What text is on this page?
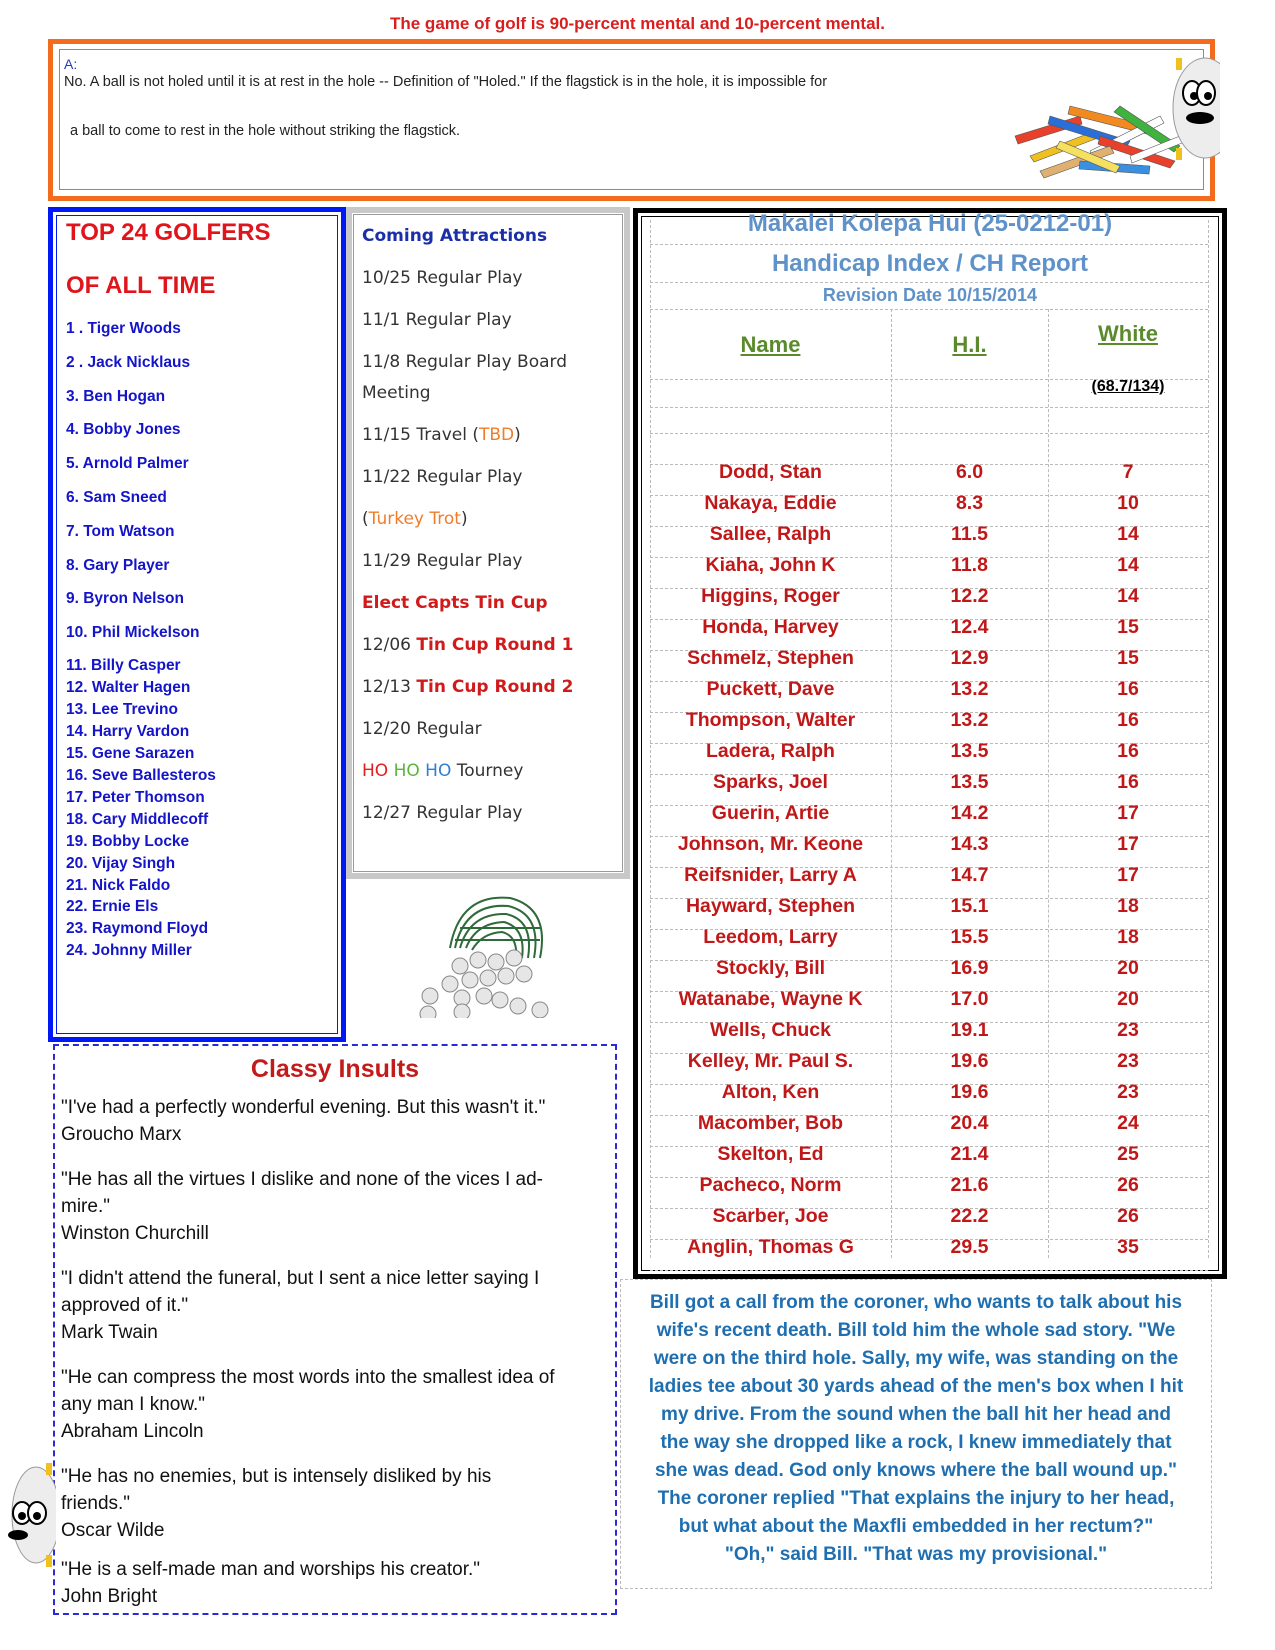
The game of golf is 90-percent mental and 10-percent mental.
A:
No. A ball is not holed until it is at rest in the hole -- Definition of "Holed." If the flagstick is in the hole, it is impossible for
a ball to come to rest in the hole without striking the flagstick.
TOP 24 GOLFERS
OF ALL TIME
1 . Tiger Woods
2 . Jack Nicklaus
3. Ben Hogan
4. Bobby Jones
5. Arnold Palmer
6. Sam Sneed
7. Tom Watson
8. Gary Player
9. Byron Nelson
10. Phil Mickelson
11. Billy Casper
12. Walter Hagen
13. Lee Trevino
14. Harry Vardon
15. Gene Sarazen
16. Seve Ballesteros
17. Peter Thomson
18. Cary Middlecoff
19. Bobby Locke
20. Vijay Singh
21. Nick Faldo
22. Ernie Els
23. Raymond Floyd
24. Johnny Miller
Coming Attractions
10/25 Regular Play
11/1 Regular Play
11/8 Regular Play Board
Meeting
11/15 Travel (TBD)
11/22 Regular Play
(Turkey Trot)
11/29 Regular Play
Elect Capts Tin Cup
12/06 Tin Cup Round 1
12/13 Tin Cup Round 2
12/20 Regular
HO HO HO Tourney
12/27 Regular Play
Makalei Kolepa Hui (25-0212-01)
Handicap Index / CH Report
Revision Date 10/15/2014
Name	H.I.	White
(68.7/134)
Dodd, Stan	6.0	7
Nakaya, Eddie	8.3	10
Sallee, Ralph	11.5	14
Kiaha, John K	11.8	14
Higgins, Roger	12.2	14
Honda, Harvey	12.4	15
Schmelz, Stephen	12.9	15
Puckett, Dave	13.2	16
Thompson, Walter	13.2	16
Ladera, Ralph	13.5	16
Sparks, Joel	13.5	16
Guerin, Artie	14.2	17
Johnson, Mr. Keone	14.3	17
Reifsnider, Larry A	14.7	17
Hayward, Stephen	15.1	18
Leedom, Larry	15.5	18
Stockly, Bill	16.9	20
Watanabe, Wayne K	17.0	20
Wells, Chuck	19.1	23
Kelley, Mr. Paul S.	19.6	23
Alton, Ken	19.6	23
Macomber, Bob	20.4	24
Skelton, Ed	21.4	25
Pacheco, Norm	21.6	26
Scarber, Joe	22.2	26
Anglin, Thomas G	29.5	35
Classy Insults
"I've had a perfectly wonderful evening. But this wasn't it."
Groucho Marx
"He has all the virtues I dislike and none of the vices I ad-
mire."
Winston Churchill
"I didn't attend the funeral, but I sent a nice letter saying I
approved of it."
Mark Twain
"He can compress the most words into the smallest idea of
any man I know."
Abraham Lincoln
"He has no enemies, but is intensely disliked by his
friends."
Oscar Wilde
"He is a self-made man and worships his creator."
John Bright
Bill got a call from the coroner, who wants to talk about his
wife's recent death. Bill told him the whole sad story. "We
were on the third hole. Sally, my wife, was standing on the
ladies tee about 30 yards ahead of the men's box when I hit
my drive. From the sound when the ball hit her head and
the way she dropped like a rock, I knew immediately that
she was dead. God only knows where the ball wound up."
The coroner replied "That explains the injury to her head,
but what about the Maxfli embedded in her rectum?"
"Oh," said Bill. "That was my provisional."
